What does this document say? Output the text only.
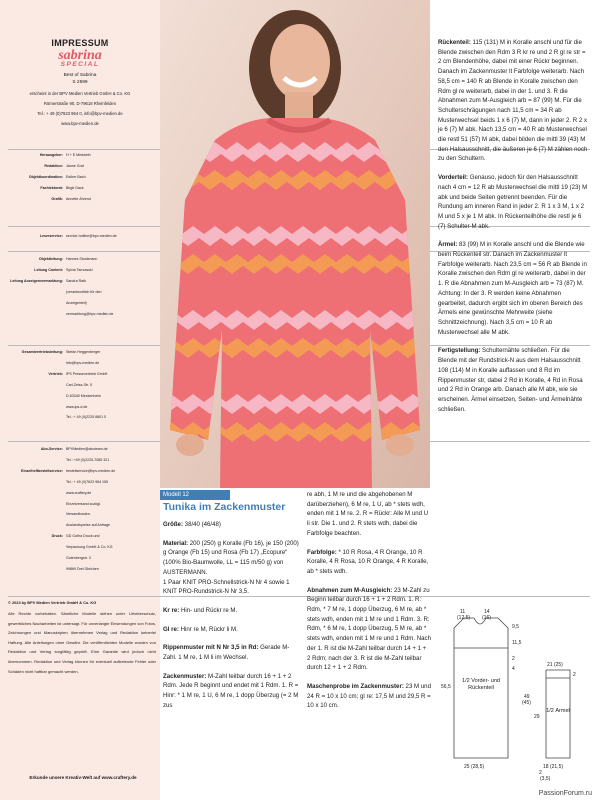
IMPRESSUM
sabrina
SPECIAL
Best of Sabrina
S 2599
erscheint in der BPV Medien Vertrieb GmbH & Co. KG
Römerstraße 90, D-79618 Rheinfelden
Tel.: + 49 (0)7623 964 0, info@bpv-medien.de
www.bpv-medien.de
Herausgeber: H + E Medweth
Redaktion: Janne Graf
Objektkoordination: Esther Bach
Fachlektorat: Birgit Gack
Grafik: Annette Ahrend
Leserservice: service-hotline@bpv-medien.de
Objektleitung: Hannes Stockmann
Leitung Content: Sylvia Tarnowski
Leitung Anzeigenvermarktung: Sandra Rath
(verantwortlich für den
Anzeigenteil)
vermarktung@bpv-medien.de
Gesamtvertriebsleitung: Stefan Heggenberger
info@bpv-medien.de
Vertrieb: IPS Pressevertrieb GmbH
Carl-Zeiss-Str. 5
D-53340 Meckenheim
www.ips-d.de
Tel.: + 49 (0)2225 8801 0
Abo-Service: BPVMedien@aboteam.de
Tel.: +49 (0)2225-7085 321
Einzelheftbestellservice: bestellservice@bpv-medien.de
Tel.: + 49 (0)7623 964 155
www.craftery.de
Einzelversand zuzügl.
Versandkosten.
Auslandspreise auf Anfrage
Druck: GD Gotha Druck und
Verpackung GmbH & Co. KG
Gutenbergstr. 3
99869 Drei Gleichen
© 2023 by BPV Medien Vertrieb GmbH & Co. KG
Alle Rechte vorbehalten. Sämtliche Modelle stehen unter Urheberschutz, gewerbliches Nacharbeiten ist untersagt. Für unverlangte Einsendungen von Fotos, Zeichnungen und Manuskripten übernehmen Verlag und Redaktion keinerlei Haftung. Alle Anleitungen ohne Gewähr. Die veröffentlichten Modelle wurden von Redaktion und Verlag sorgfältig geprüft. Eine Garantie wird jedoch nicht übernommen. Redaktion und Verlag können für eventuell auftretende Fehler oder Schäden nicht haftbar gemacht werden.
Erkunde unsere Kreativ-Welt auf www.craftery.de
Modell 12
Tunika im Zackenmuster

Größe: 38/40 (46/48)

Material: 200 (250) g Koralle (Fb 16), je 150 (200) g Orange (Fb 15) und Rosa (Fb 17) „Ecopure“ (100% Bio-Baumwolle, LL = 115 m/50 g) von AUSTERMANN.

1 Paar KNIT PRO-Schnellstrick-N Nr 4 sowie 1 KNIT PRO-Rundstrick-N Nr 3,5.

Kr re: Hin- und Rückr re M.

Gl re: Hinr re M, Rückr li M.

Rippenmuster mit N Nr 3,5 in Rd: Gerade M-Zahl. 1 M re, 1 M li im Wechsel.

Zackenmuster: M-Zahl teilbar durch 16 + 1 + 2 Rdm. Jede R beginnt und endet mit 1 Rdm. 1. R = Hinr: * 1 M re, 1 U, 6 M re, 1 dopp Überzug (= 2 M zus

re abh, 1 M re und die abgehobenen M darüberziehen), 6 M re, 1 U, ab * stets wdh, enden mit 1 M re. 2. R = Rückr: Alle M und U li str. Die 1. und 2. R stets wdh, dabei die Farbfolge beachten.

Farbfolge: * 10 R Rosa, 4 R Orange, 10 R Koralle, 4 R Rosa, 10 R Orange, 4 R Koralle, ab * stets wdh.

Abnahmen zum M-Ausgleich: 23 M-Zahl zu Beginn teilbar durch 16 + 1 + 2 Rdm. 1. R: Rdm, * 7 M re, 1 dopp Überzug, 6 M re, ab * stets wdh, enden mit 1 M re und 1 Rdm. 3. R: Rdm, * 6 M re, 1 dopp Überzug, 5 M re, ab * stets wdh, enden mit 1 M re und 1 Rdm. Nach der 1. R ist die M-Zahl teilbar durch 14 + 1 + 2 Rdm; nach der 3. R ist die M-Zahl teilbar durch 12 + 1 + 2 Rdm.

Maschenprobe im Zackenmuster: 23 M und 24 R = 10 x 10 cm; gl re: 17,5 M und 29,5 R = 10 x 10 cm.

Rückenteil: 115 (131) M in Koralle anschl und für die Blende zwischen den Rdm 3 R kr re und 2 R gl re str = 2 cm Blendenhöhe, dabei mit einer Rückr beginnen. Danach im Zackenmuster lt Farbfolge weiterarb. Nach 58,5 cm = 140 R ab Blende in Koralle zwischen den Rdm gl re weiterarb, dabei in der 1. und 3. R die Abnahmen zum M-Ausgleich arb = 87 (99) M. Für die Schulterschrägungen nach 11,5 cm = 34 R ab Musterwechsel beids 1 x 6 (7) M, dann in jeder 2. R 2 x je 6 (7) M abk. Nach 13,5 cm = 40 R ab Musterwechsel die restl 51 (57) M abk, dabei bilden die mittl 39 (43) M den Halsausschnitt, die äußeren je 6 (7) M zählen noch zu den Schultern.

Vorderteil: Genauso, jedoch für den Halsausschnitt nach 4 cm = 12 R ab Musterwechsel die mittl 19 (23) M abk und beide Seiten getrennt beenden. Für die Rundung am inneren Rand in jeder 2. R 1 x 3 M, 1 x 2 M und 5 x je 1 M abk. In Rückenteilhöhe die restl je 6 (7) Schulter-M abk.

Ärmel: 83 (99) M in Koralle anschl und die Blende wie beim Rückenteil str. Danach im Zackenmuster lt Farbfolge weiterarb. Nach 23,5 cm = 56 R ab Blende in Koralle zwischen den Rdm gl re weiterarb, dabei in der 1. R die Abnahmen zum M-Ausgleich arb = 73 (87) M. Achtung: In der 3. R werden keine Abnahmen gearbeitet, dadurch ergibt sich im oberen Bereich des Ärmels eine gewünschte Mehrweite (siehe Schnittzeichnung). Nach 3,5 cm = 10 R ab Musterwechsel alle M abk.

Fertigstellung: Schulternähte schließen. Für die Blende mit der Rundstrick-N aus dem Halsausschnitt 108 (114) M in Koralle auffassen und 8 Rd im Rippenmuster str, dabei 2 Rd in Koralle, 4 Rd in Rosa und 2 Rd in Orange arb. Danach alle M abk, wie sie erscheinen. Ärmel einsetzen, Seiten- und Ärmelnähte schließen.

11
(12,5)
14
(16)
9,5
11,5
2
4
56,5
49
(45)
25 (28,5)
21 (25)
2
29
18 (21,5)
2
(3,5)
1/2 Vorder- und Rückenteil
1/2 Ärmel
PassionForum.ru
